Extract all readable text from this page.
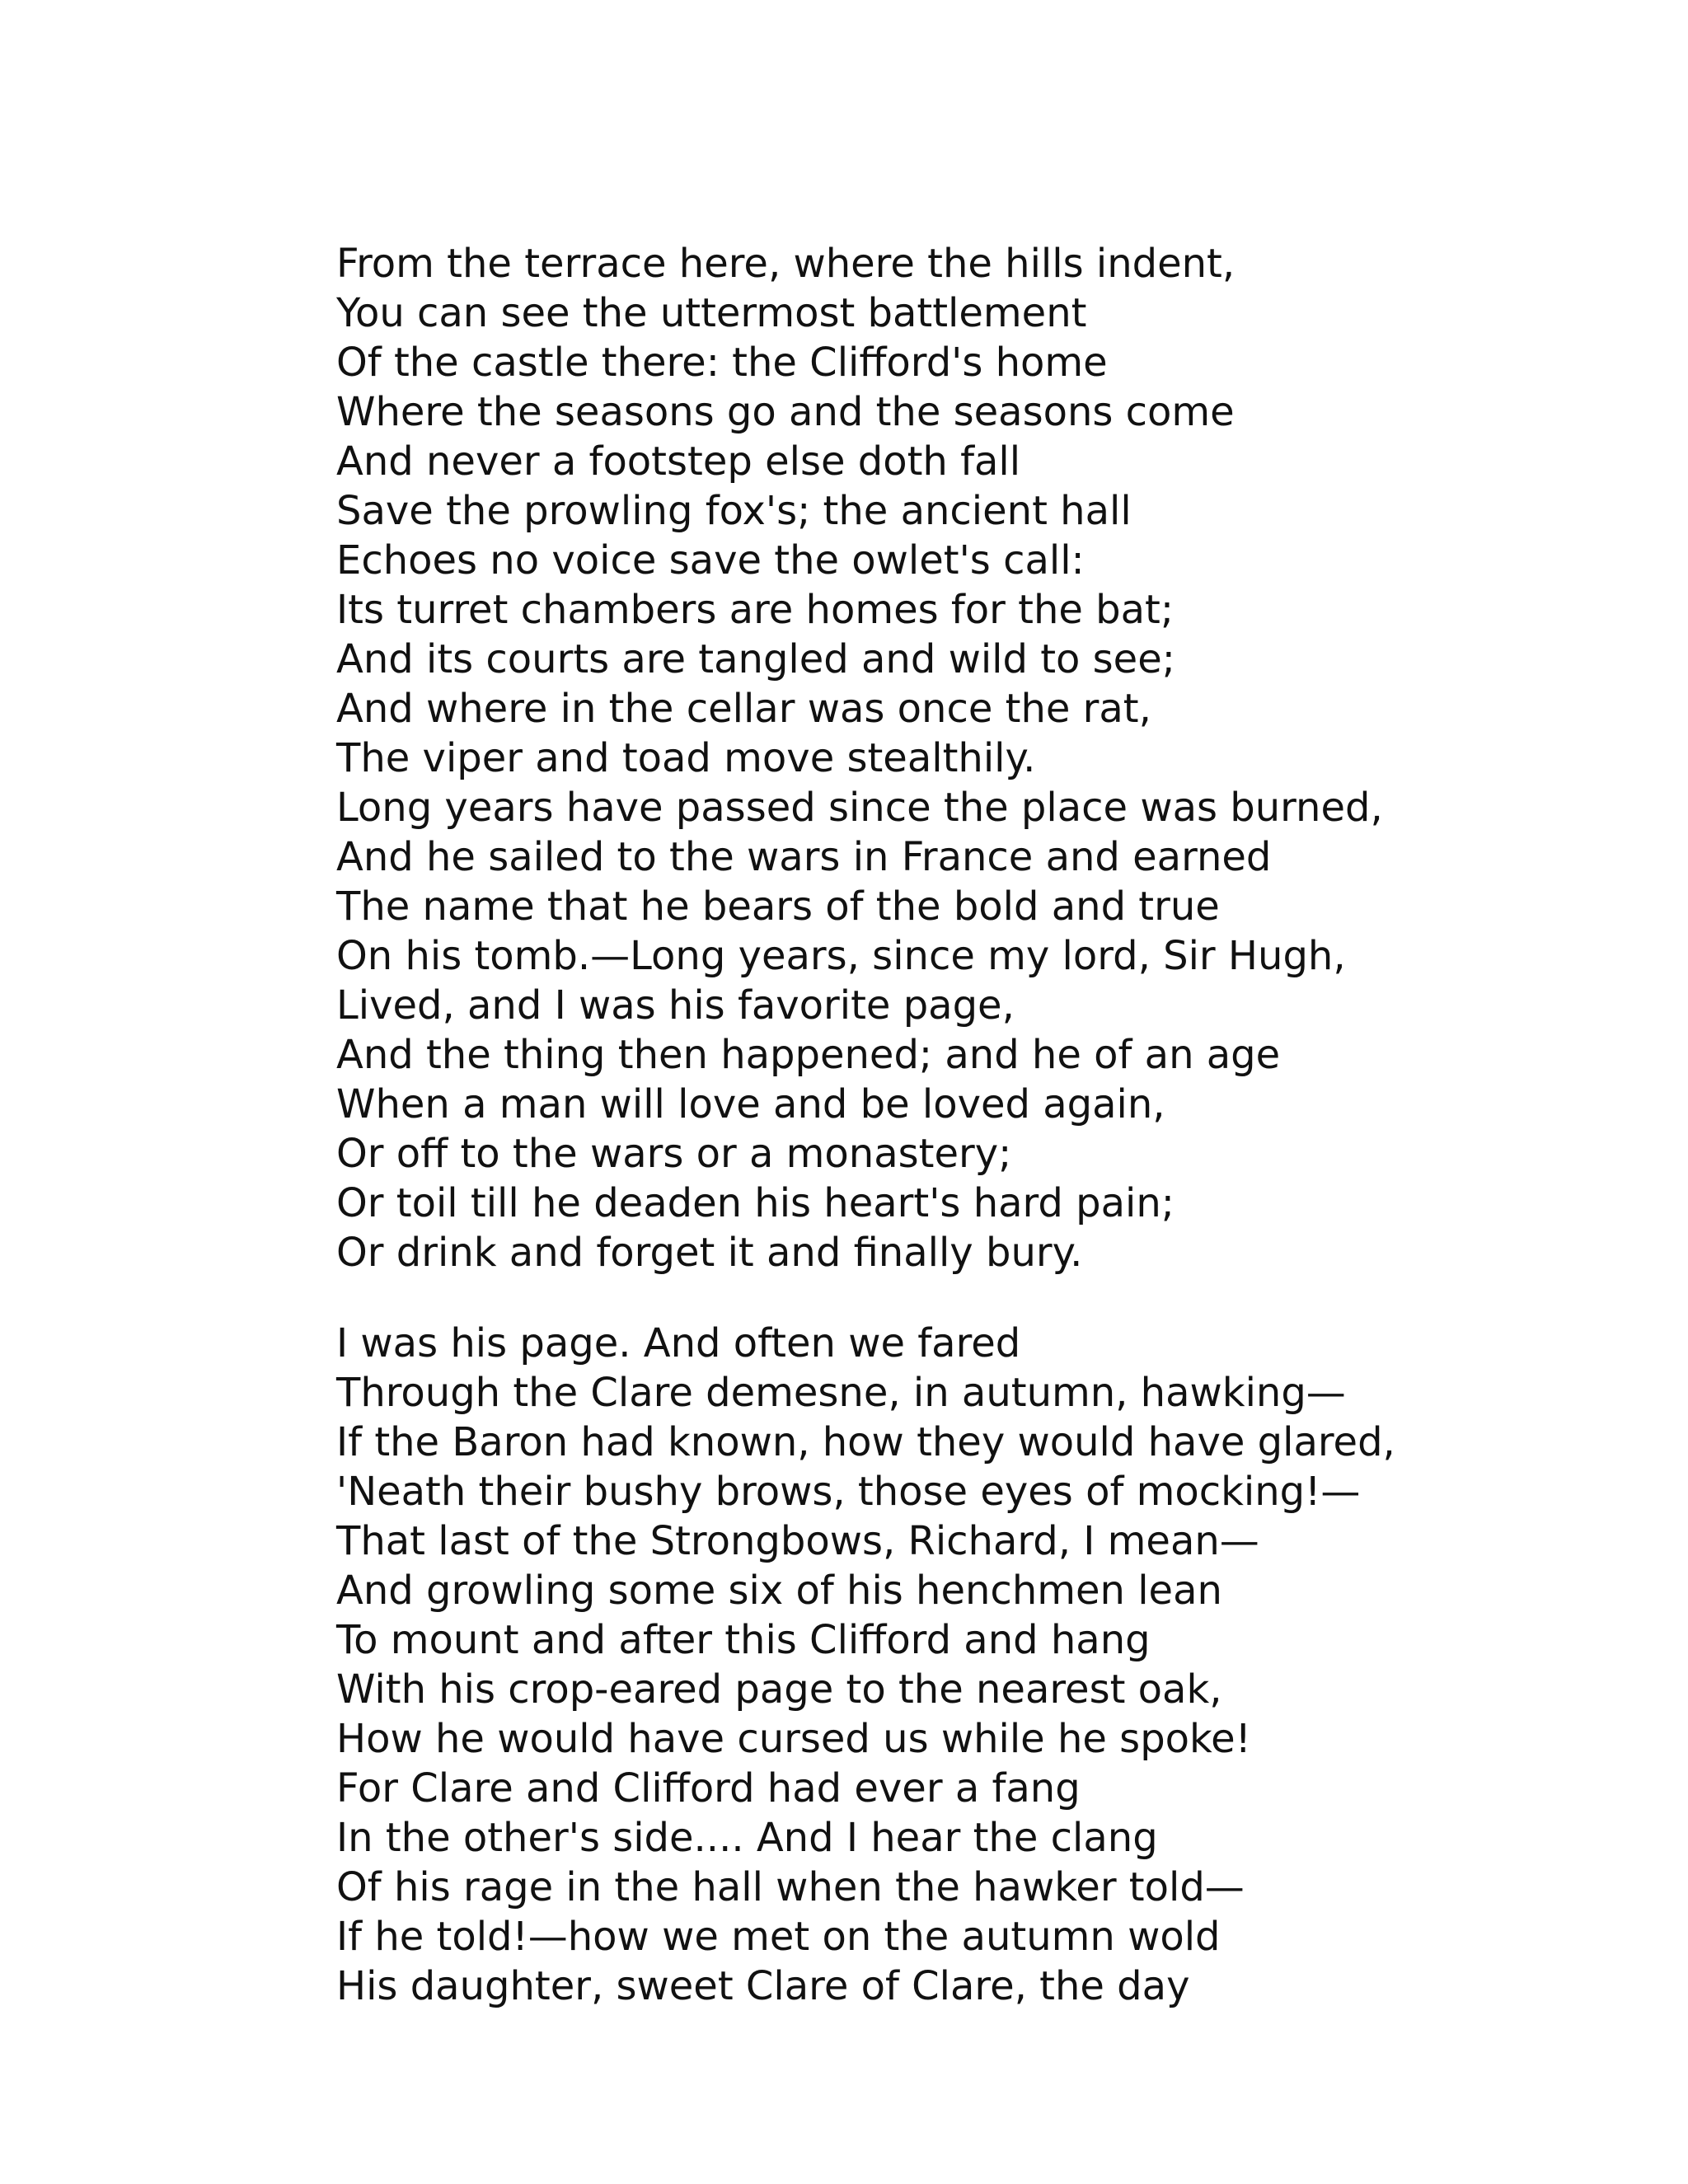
From the terrace here, where the hills indent,
You can see the uttermost battlement
Of the castle there: the Clifford's home
Where the seasons go and the seasons come
And never a footstep else doth fall
Save the prowling fox's; the ancient hall
Echoes no voice save the owlet's call:
Its turret chambers are homes for the bat;
And its courts are tangled and wild to see;
And where in the cellar was once the rat,
The viper and toad move stealthily.
Long years have passed since the place was burned,
And he sailed to the wars in France and earned
The name that he bears of the bold and true
On his tomb.—Long years, since my lord, Sir Hugh,
Lived, and I was his favorite page,
And the thing then happened; and he of an age
When a man will love and be loved again,
Or off to the wars or a monastery;
Or toil till he deaden his heart's hard pain;
Or drink and forget it and finally bury.
I was his page. And often we fared
Through the Clare demesne, in autumn, hawking—
If the Baron had known, how they would have glared,
'Neath their bushy brows, those eyes of mocking!—
That last of the Strongbows, Richard, I mean—
And growling some six of his henchmen lean
To mount and after this Clifford and hang
With his crop-eared page to the nearest oak,
How he would have cursed us while he spoke!
For Clare and Clifford had ever a fang
In the other's side.... And I hear the clang
Of his rage in the hall when the hawker told—
If he told!—how we met on the autumn wold
His daughter, sweet Clare of Clare, the day
